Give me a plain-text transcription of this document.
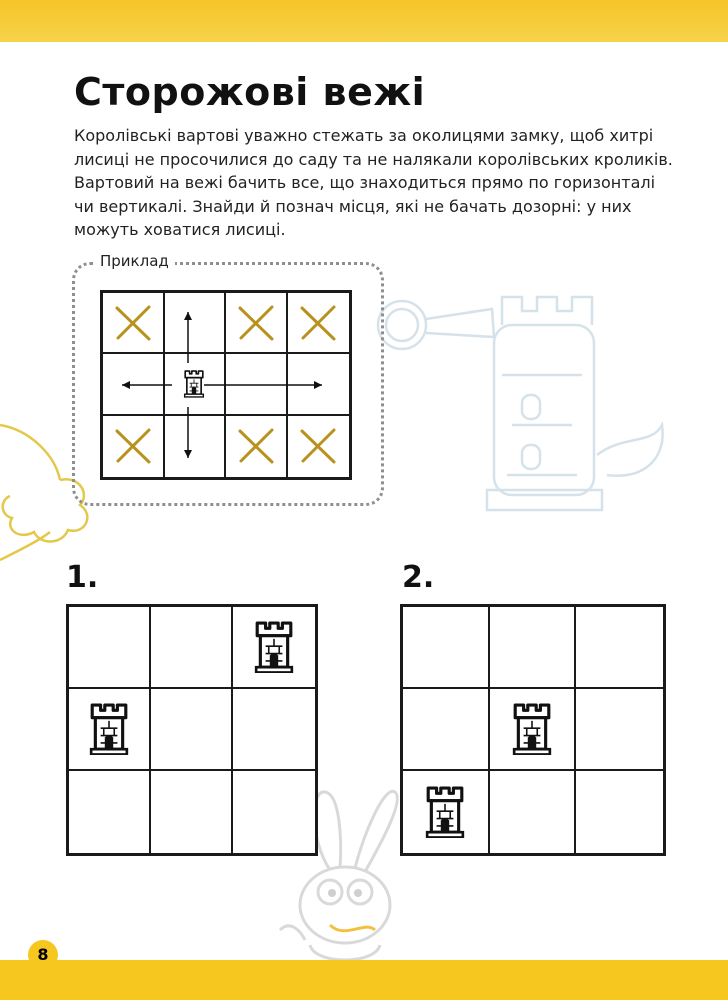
Сторожові вежі

Королівські вартові уважно стежать за околицями замку, щоб хитрі лисиці не просочилися до саду та не налякали королівських кроликів. Вартовий на вежі бачить все, що знаходиться прямо по горизонталі чи вертикалі. Знайди й познач місця, які не бачать дозорні: у них можуть ховатися лисиці.

Приклад
1.	2.
8
